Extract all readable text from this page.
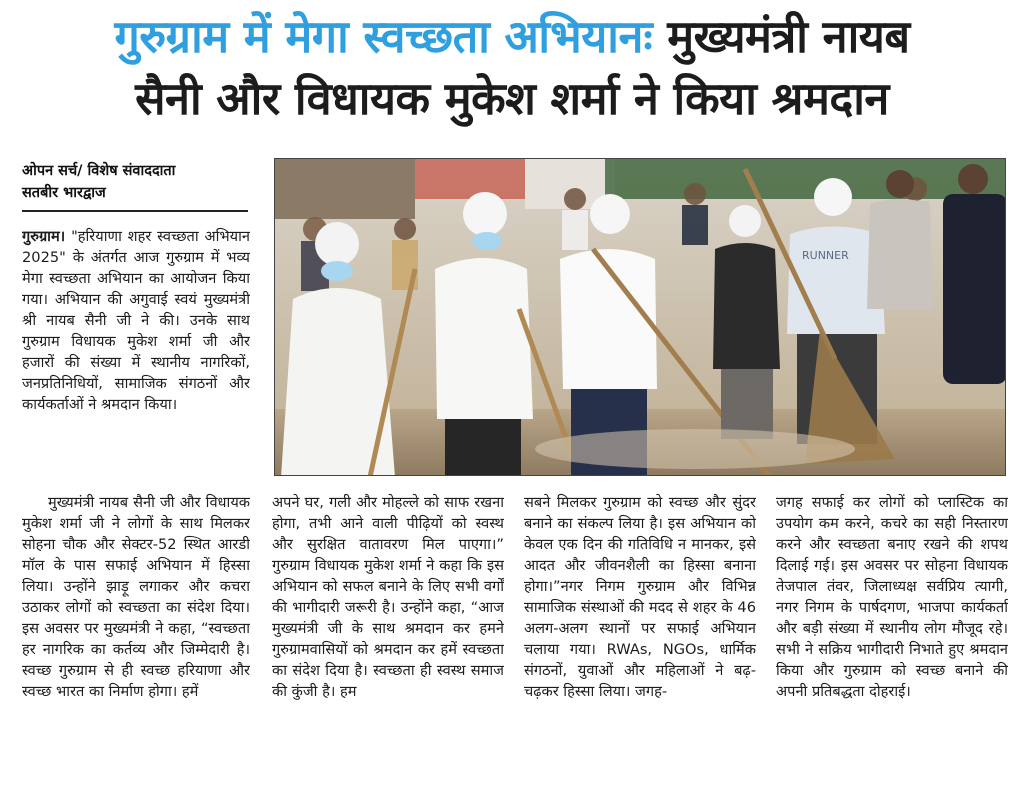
गुरुग्राम में मेगा स्वच्छता अभियानः मुख्यमंत्री नायब
सैनी और विधायक मुकेश शर्मा ने किया श्रमदान
ओपन सर्च/ विशेष संवाददाता
सतबीर भारद्वाज

गुरुग्राम। "हरियाणा शहर स्वच्छता अभियान 2025" के अंतर्गत आज गुरुग्राम में भव्य मेगा स्वच्छता अभियान का आयोजन किया गया। अभियान की अगुवाई स्वयं मुख्यमंत्री श्री नायब सैनी जी ने की। उनके साथ गुरुग्राम विधायक मुकेश शर्मा जी और हजारों की संख्या में स्थानीय नागरिकों, जनप्रतिनिधियों, सामाजिक संगठनों और कार्यकर्ताओं ने श्रमदान किया।

RUNNER

मुख्यमंत्री नायब सैनी जी और विधायक मुकेश शर्मा जी ने लोगों के साथ मिलकर सोहना चौक और सेक्टर-52 स्थित आरडी मॉल के पास सफाई अभियान में हिस्सा लिया। उन्होंने झाड़ू लगाकर और कचरा उठाकर लोगों को स्वच्छता का संदेश दिया। इस अवसर पर मुख्यमंत्री ने कहा, “स्वच्छता हर नागरिक का कर्तव्य और जिम्मेदारी है। स्वच्छ गुरुग्राम से ही स्वच्छ हरियाणा और स्वच्छ भारत का निर्माण होगा। हमें

अपने घर, गली और मोहल्ले को साफ रखना होगा, तभी आने वाली पीढ़ियों को स्वस्थ और सुरक्षित वातावरण मिल पाएगा।” गुरुग्राम विधायक मुकेश शर्मा ने कहा कि इस अभियान को सफल बनाने के लिए सभी वर्गों की भागीदारी जरूरी है। उन्होंने कहा, “आज मुख्यमंत्री जी के साथ श्रमदान कर हमने गुरुग्रामवासियों को श्रमदान कर हमें स्वच्छता का संदेश दिया है। स्वच्छता ही स्वस्थ समाज की कुंजी है। हम

सबने मिलकर गुरुग्राम को स्वच्छ और सुंदर बनाने का संकल्प लिया है। इस अभियान को केवल एक दिन की गतिविधि न मानकर, इसे आदत और जीवनशैली का हिस्सा बनाना होगा।”नगर निगम गुरुग्राम और विभिन्न सामाजिक संस्थाओं की मदद से शहर के 46 अलग-अलग स्थानों पर सफाई अभियान चलाया गया। RWAs, NGOs, धार्मिक संगठनों, युवाओं और महिलाओं ने बढ़-चढ़कर हिस्सा लिया। जगह-

जगह सफाई कर लोगों को प्लास्टिक का उपयोग कम करने, कचरे का सही निस्तारण करने और स्वच्छता बनाए रखने की शपथ दिलाई गई। इस अवसर पर सोहना विधायक तेजपाल तंवर, जिलाध्यक्ष सर्वप्रिय त्यागी, नगर निगम के पार्षदगण, भाजपा कार्यकर्ता और बड़ी संख्या में स्थानीय लोग मौजूद रहे। सभी ने सक्रिय भागीदारी निभाते हुए श्रमदान किया और गुरुग्राम को स्वच्छ बनाने की अपनी प्रतिबद्धता दोहराई।
